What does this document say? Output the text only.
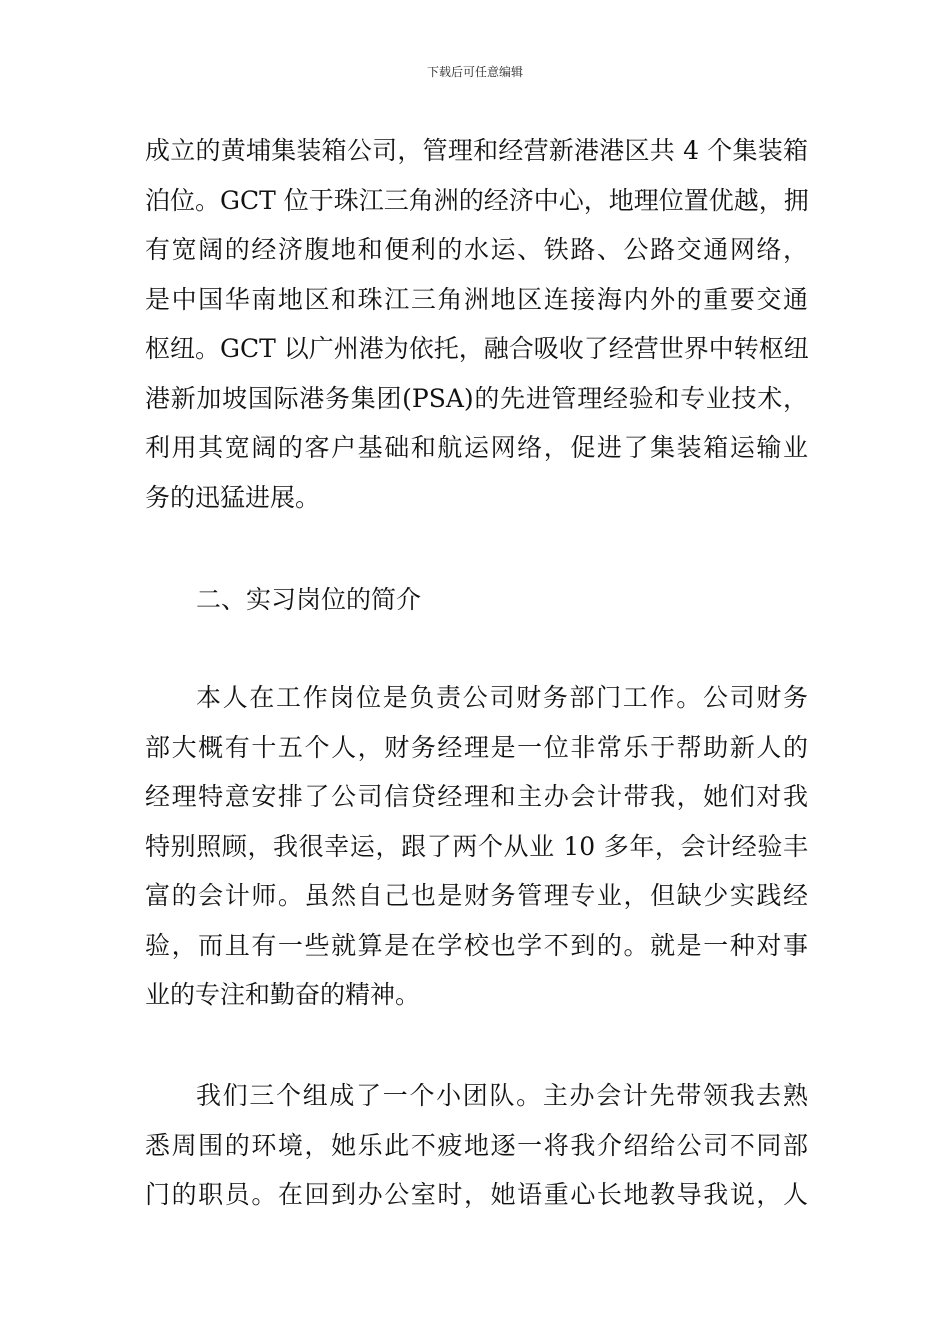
下载后可任意编辑
成立的黄埔集装箱公司，管理和经营新港港区共 4 个集装箱
泊位。GCT 位于珠江三角洲的经济中心，地理位置优越，拥
有宽阔的经济腹地和便利的水运、铁路、公路交通网络，
是中国华南地区和珠江三角洲地区连接海内外的重要交通
枢纽。GCT 以广州港为依托，融合吸收了经营世界中转枢纽
港新加坡国际港务集团(PSA)的先进管理经验和专业技术，
利用其宽阔的客户基础和航运网络，促进了集装箱运输业
务的迅猛进展。
二、实习岗位的简介
本人在工作岗位是负责公司财务部门工作。公司财务
部大概有十五个人，财务经理是一位非常乐于帮助新人的
经理特意安排了公司信贷经理和主办会计带我，她们对我
特别照顾，我很幸运，跟了两个从业 10 多年，会计经验丰
富的会计师。虽然自己也是财务管理专业，但缺少实践经
验，而且有一些就算是在学校也学不到的。就是一种对事
业的专注和勤奋的精神。
我们三个组成了一个小团队。主办会计先带领我去熟
悉周围的环境，她乐此不疲地逐一将我介绍给公司不同部
门的职员。在回到办公室时，她语重心长地教导我说，人
